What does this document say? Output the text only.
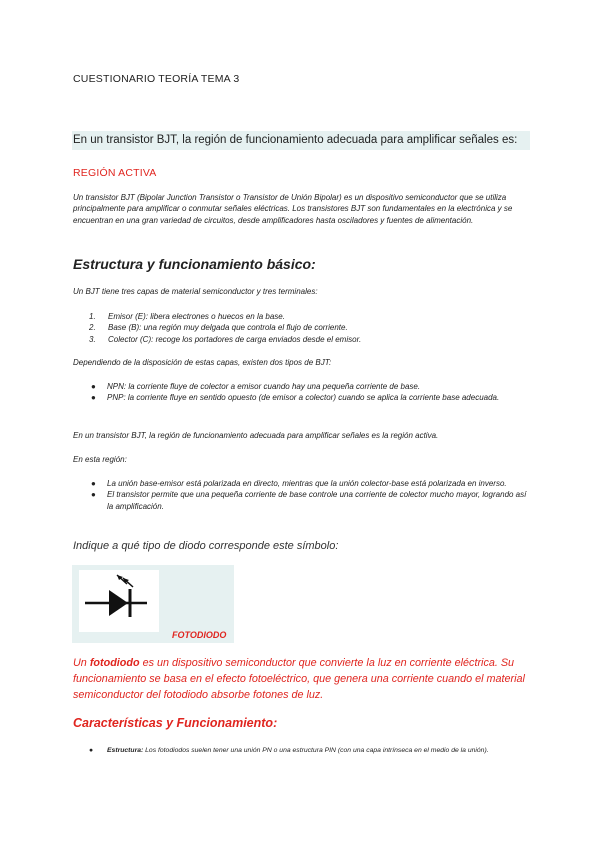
CUESTIONARIO TEORÍA TEMA 3
En un transistor BJT, la región de funcionamiento adecuada para amplificar señales es:
REGIÓN ACTIVA
Un transistor BJT (Bipolar Junction Transistor o Transistor de Unión Bipolar) es un dispositivo semiconductor que se utiliza principalmente para amplificar o conmutar señales eléctricas. Los transistores BJT son fundamentales en la electrónica y se encuentran en una gran variedad de circuitos, desde amplificadores hasta osciladores y fuentes de alimentación.
Estructura y funcionamiento básico:
Un BJT tiene tres capas de material semiconductor y tres terminales:
1. Emisor (E): libera electrones o huecos en la base.
2. Base (B): una región muy delgada que controla el flujo de corriente.
3. Colector (C): recoge los portadores de carga enviados desde el emisor.
Dependiendo de la disposición de estas capas, existen dos tipos de BJT:
● NPN: la corriente fluye de colector a emisor cuando hay una pequeña corriente de base.
● PNP: la corriente fluye en sentido opuesto (de emisor a colector) cuando se aplica la corriente base adecuada.
En un transistor BJT, la región de funcionamiento adecuada para amplificar señales es la región activa.
En esta región:
● La unión base-emisor está polarizada en directo, mientras que la unión colector-base está polarizada en inverso.
● El transistor permite que una pequeña corriente de base controle una corriente de colector mucho mayor, logrando así la amplificación.
Indique a qué tipo de diodo corresponde este símbolo:
FOTODIODO
Un fotodiodo es un dispositivo semiconductor que convierte la luz en corriente eléctrica. Su funcionamiento se basa en el efecto fotoeléctrico, que genera una corriente cuando el material semiconductor del fotodiodo absorbe fotones de luz.
Características y Funcionamiento:
● Estructura: Los fotodiodos suelen tener una unión PN o una estructura PIN (con una capa intrínseca en el medio de la unión).
